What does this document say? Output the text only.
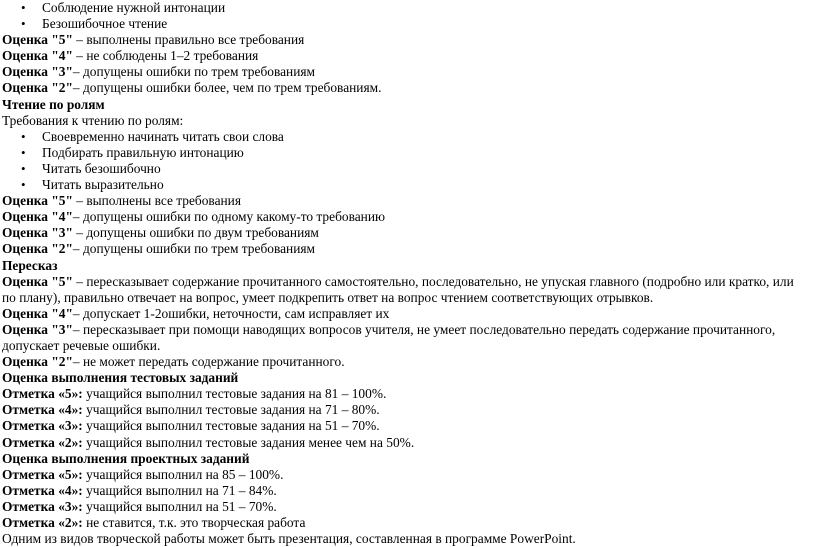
• Соблюдение нужной интонации
• Безошибочное чтение
Оценка "5" – выполнены правильно все требования
Оценка "4" – не соблюдены 1–2 требования
Оценка "3"– допущены ошибки по трем требованиям
Оценка "2"– допущены ошибки более, чем по трем требованиям.
Чтение по ролям
Требования к чтению по ролям:
• Своевременно начинать читать свои слова
• Подбирать правильную интонацию
• Читать безошибочно
• Читать выразительно
Оценка "5" – выполнены все требования
Оценка "4"– допущены ошибки по одному какому-то требованию
Оценка "3" – допущены ошибки по двум требованиям
Оценка "2"– допущены ошибки по трем требованиям
Пересказ
Оценка "5" – пересказывает содержание прочитанного самостоятельно, последовательно, не упуская главного (подробно или кратко, или по плану), правильно отвечает на вопрос, умеет подкрепить ответ на вопрос чтением соответствующих отрывков.
Оценка "4"– допускает 1-2ошибки, неточности, сам исправляет их
Оценка "3"– пересказывает при помощи наводящих вопросов учителя, не умеет последовательно передать содержание прочитанного, допускает речевые ошибки.
Оценка "2"– не может передать содержание прочитанного.
Оценка выполнения тестовых заданий
Отметка «5»: учащийся выполнил тестовые задания на 81 – 100%.
Отметка «4»: учащийся выполнил тестовые задания на 71 – 80%.
Отметка «3»: учащийся выполнил тестовые задания на 51 – 70%.
Отметка «2»: учащийся выполнил тестовые задания менее чем на 50%.
Оценка выполнения проектных заданий
Отметка «5»: учащийся выполнил на 85 – 100%.
Отметка «4»: учащийся выполнил на 71 – 84%.
Отметка «3»: учащийся выполнил на 51 – 70%.
Отметка «2»: не ставится, т.к. это творческая работа
Одним из видов творческой работы может быть презентация, составленная в программе PowerPoint.
